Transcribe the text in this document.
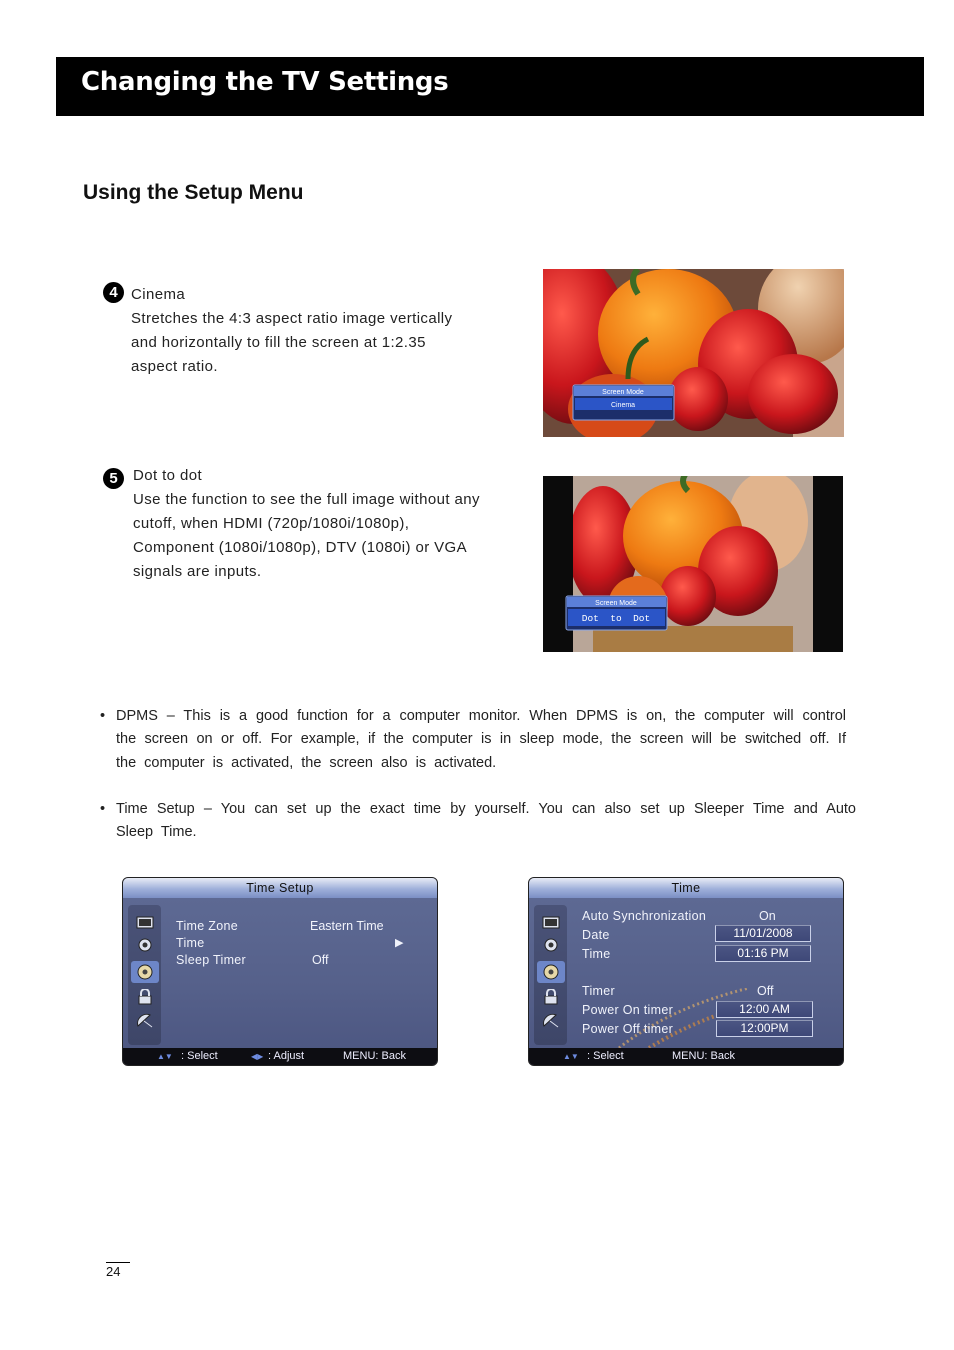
Changing the TV Settings
Using the Setup Menu
4 Cinema
Stretches the 4:3 aspect ratio image vertically
and horizontally to fill the screen at 1:2.35
aspect ratio.
Screen Mode
Cinema
5	Dot to dot
Use the function to see the full image without any
cutoff, when HDMI (720p/1080i/1080p),
Component (1080i/1080p), DTV (1080i) or VGA
signals are inputs.
Screen Mode
Dot  to  Dot
• DPMS – This is a good function for a computer monitor. When DPMS is on, the computer will control the screen on or off. For example, if the computer is in sleep mode, the screen will be switched off. If the computer is activated, the screen also is activated.
• Time Setup – You can set up the exact time by yourself. You can also set up Sleeper Time and Auto Sleep Time.
Time Setup
Time Zone	Eastern Time
Time	▶
Sleep Timer	Off
▲▼ : Select	◀▶ : Adjust	MENU: Back
Time
Auto Synchronization	On
Date	11/01/2008
Time	01:16 PM
Timer	Off
Power On timer	12:00 AM
Power Off timer	12:00PM
▲▼ : Select	MENU: Back
24
